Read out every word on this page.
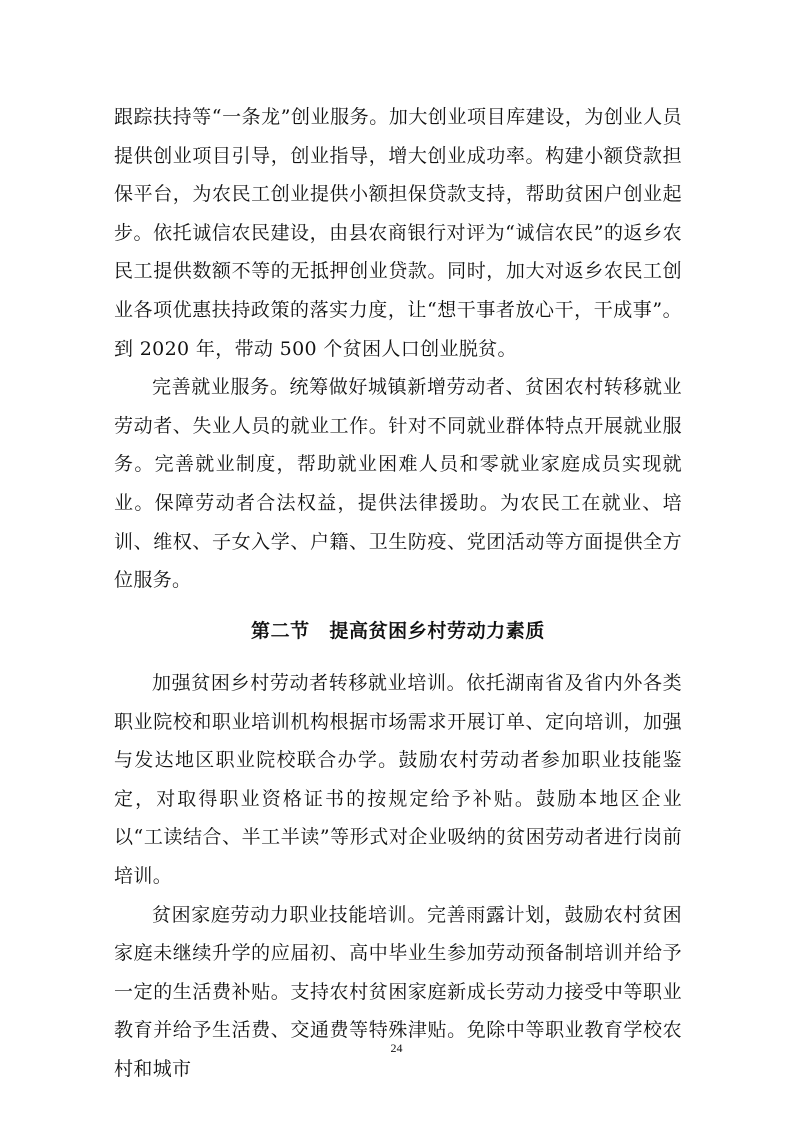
跟踪扶持等“一条龙”创业服务。加大创业项目库建设，为创业人员提供创业项目引导，创业指导，增大创业成功率。构建小额贷款担保平台，为农民工创业提供小额担保贷款支持，帮助贫困户创业起步。依托诚信农民建设，由县农商银行对评为“诚信农民”的返乡农民工提供数额不等的无抵押创业贷款。同时，加大对返乡农民工创业各项优惠扶持政策的落实力度，让“想干事者放心干，干成事”。到 2020 年，带动 500 个贫困人口创业脱贫。

完善就业服务。统筹做好城镇新增劳动者、贫困农村转移就业劳动者、失业人员的就业工作。针对不同就业群体特点开展就业服务。完善就业制度，帮助就业困难人员和零就业家庭成员实现就业。保障劳动者合法权益，提供法律援助。为农民工在就业、培训、维权、子女入学、户籍、卫生防疫、党团活动等方面提供全方位服务。

第二节　提高贫困乡村劳动力素质

加强贫困乡村劳动者转移就业培训。依托湖南省及省内外各类职业院校和职业培训机构根据市场需求开展订单、定向培训，加强与发达地区职业院校联合办学。鼓励农村劳动者参加职业技能鉴定，对取得职业资格证书的按规定给予补贴。鼓励本地区企业以“工读结合、半工半读”等形式对企业吸纳的贫困劳动者进行岗前培训。

贫困家庭劳动力职业技能培训。完善雨露计划，鼓励农村贫困家庭未继续升学的应届初、高中毕业生参加劳动预备制培训并给予一定的生活费补贴。支持农村贫困家庭新成长劳动力接受中等职业教育并给予生活费、交通费等特殊津贴。免除中等职业教育学校农村和城市

24
